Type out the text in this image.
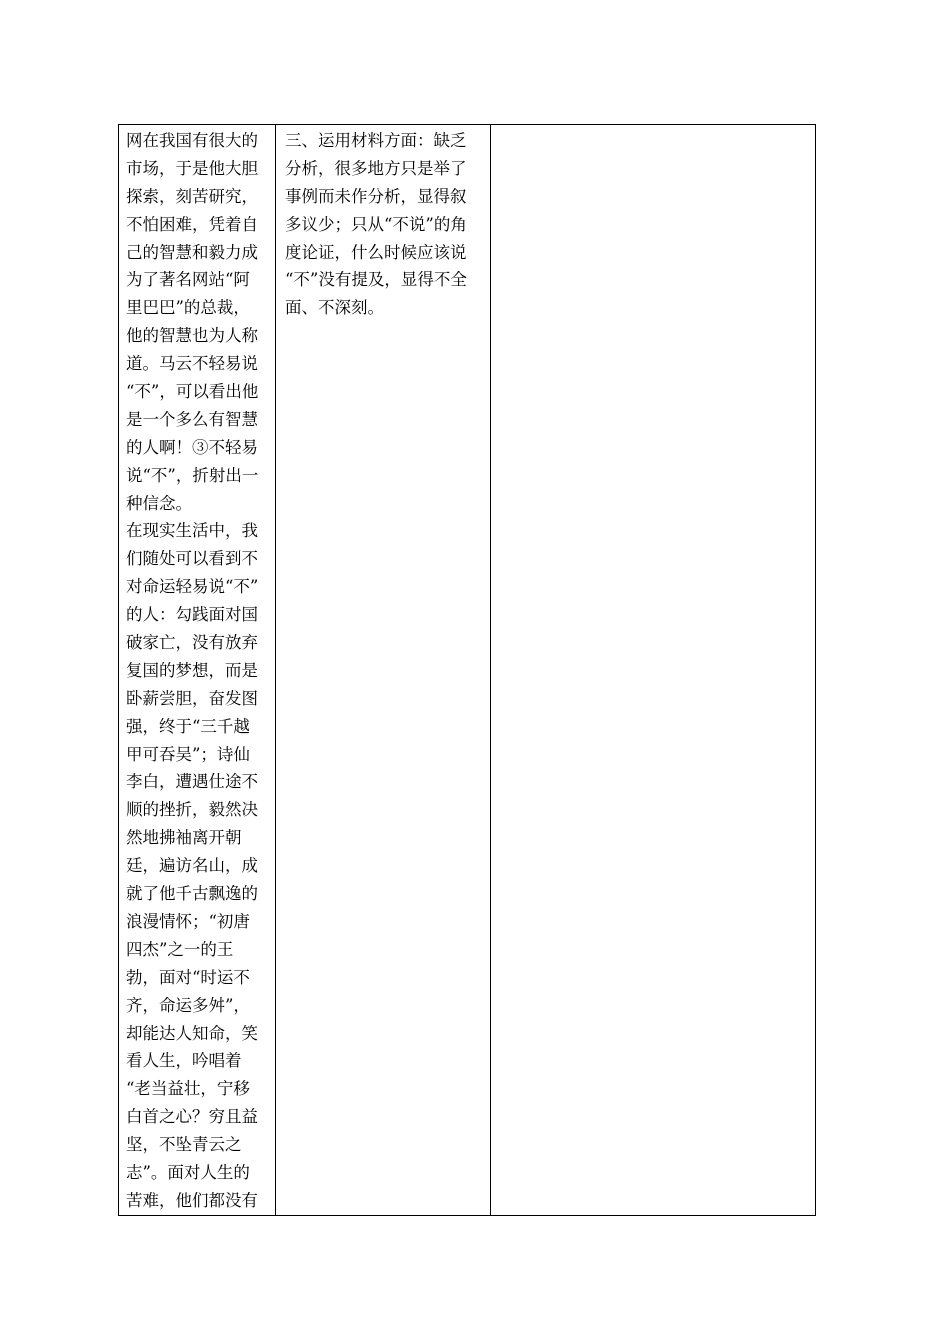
网在我国有很大的
市场，于是他大胆
探索，刻苦研究，
不怕困难，凭着自
己的智慧和毅力成
为了著名网站“阿
里巴巴”的总裁，
他的智慧也为人称
道。马云不轻易说
“不”，可以看出他
是一个多么有智慧
的人啊！③不轻易
说“不”，折射出一
种信念。
在现实生活中，我
们随处可以看到不
对命运轻易说“不”
的人：勾践面对国
破家亡，没有放弃
复国的梦想，而是
卧薪尝胆，奋发图
强，终于“三千越
甲可吞吴”；诗仙
李白，遭遇仕途不
顺的挫折，毅然决
然地拂袖离开朝
廷，遍访名山，成
就了他千古飘逸的
浪漫情怀；“初唐
四杰”之一的王
勃，面对“时运不
齐，命运多舛”，
却能达人知命，笑
看人生，吟唱着
“老当益壮，宁移
白首之心？穷且益
坚，不坠青云之
志”。面对人生的
苦难，他们都没有

三、运用材料方面：缺乏
分析，很多地方只是举了
事例而未作分析，显得叙
多议少；只从“不说”的角
度论证，什么时候应该说
“不”没有提及，显得不全
面、不深刻。
